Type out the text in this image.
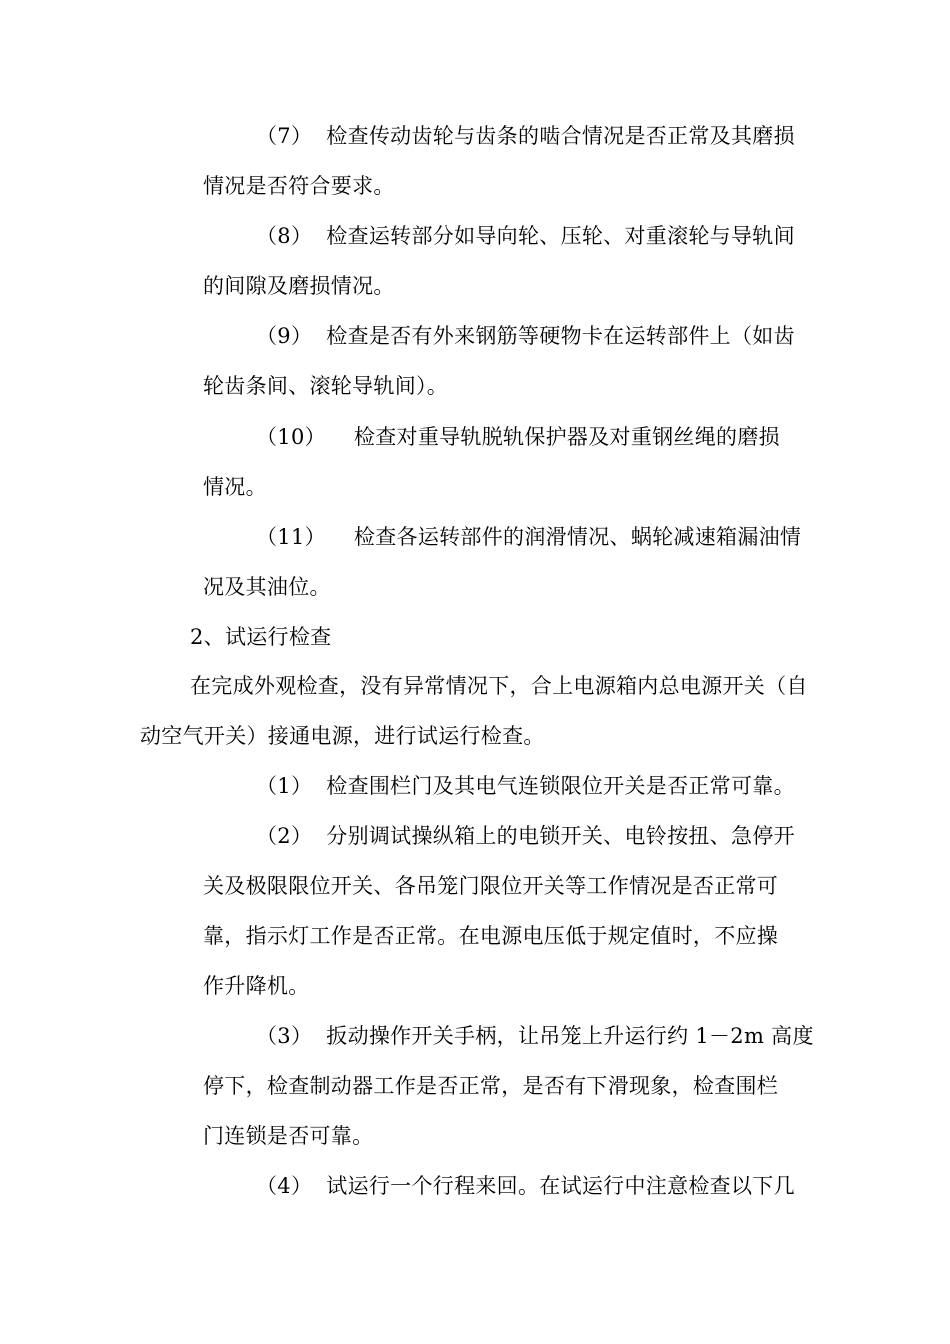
（7） 检查传动齿轮与齿条的啮合情况是否正常及其磨损
情况是否符合要求。
（8） 检查运转部分如导向轮、压轮、对重滚轮与导轨间
的间隙及磨损情况。
（9） 检查是否有外来钢筋等硬物卡在运转部件上（如齿
轮齿条间、滚轮导轨间）。
（10） 检查对重导轨脱轨保护器及对重钢丝绳的磨损
情况。
（11） 检查各运转部件的润滑情况、蜗轮减速箱漏油情
况及其油位。
2、试运行检查
在完成外观检查，没有异常情况下，合上电源箱内总电源开关（自
动空气开关）接通电源，进行试运行检查。
（1） 检查围栏门及其电气连锁限位开关是否正常可靠。
（2） 分别调试操纵箱上的电锁开关、电铃按扭、急停开
关及极限限位开关、各吊笼门限位开关等工作情况是否正常可
靠，指示灯工作是否正常。在电源电压低于规定值时，不应操
作升降机。
（3） 扳动操作开关手柄，让吊笼上升运行约 1－2m 高度
停下，检查制动器工作是否正常，是否有下滑现象，检查围栏
门连锁是否可靠。
（4） 试运行一个行程来回。在试运行中注意检查以下几
